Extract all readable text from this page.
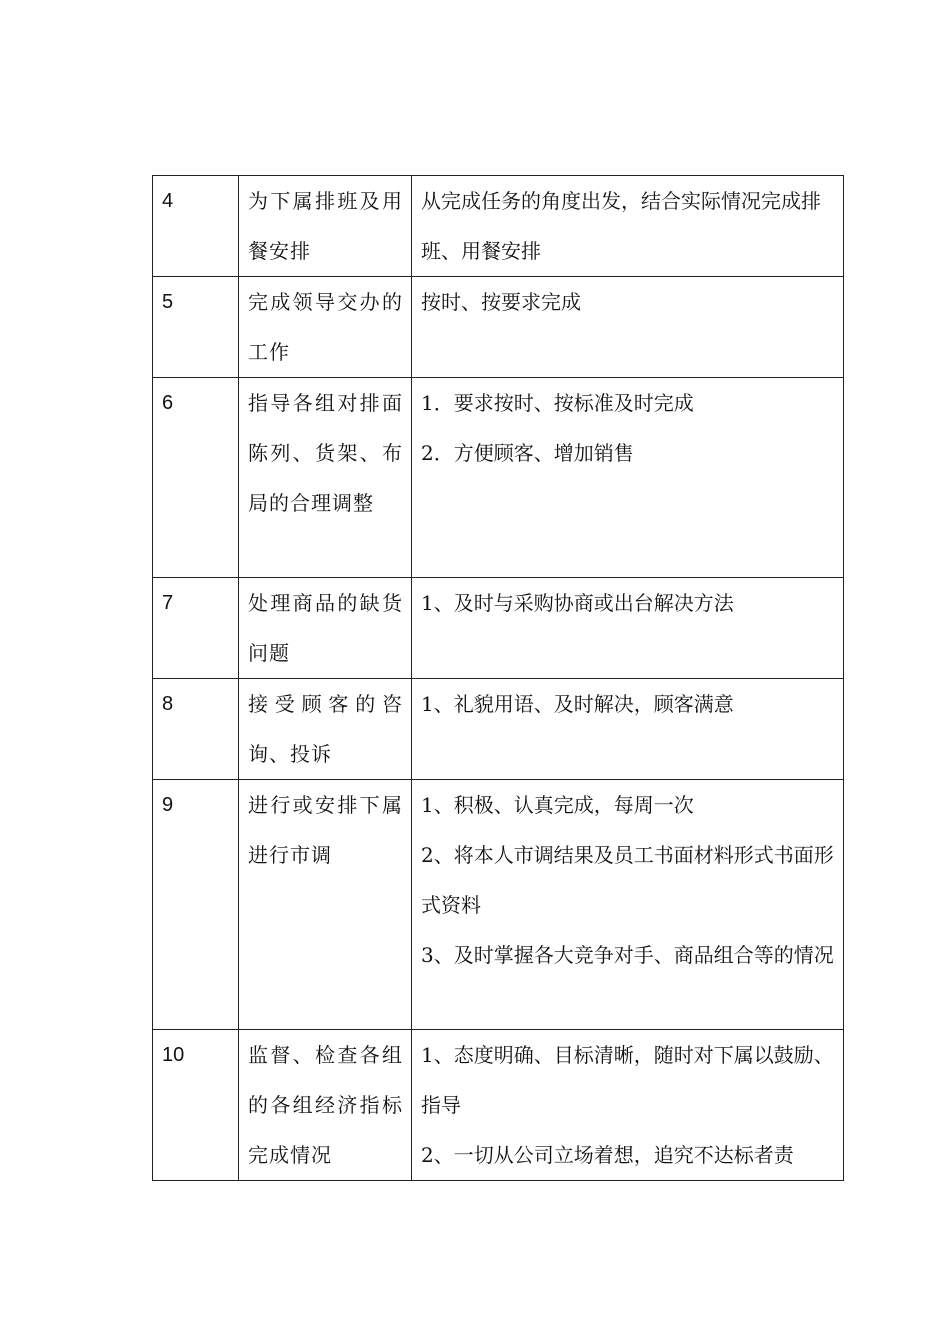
4	为下属排班及用餐安排	从完成任务的角度出发，结合实际情况完成排班、用餐安排

5	完成领导交办的工作	按时、按要求完成

6	指导各组对排面陈列、货架、布局的合理调整	1．要求按时、按标准及时完成
2．方便顾客、增加销售

7	处理商品的缺货问题	1、及时与采购协商或出台解决方法

8	接受顾客的咨询、投诉	1、礼貌用语、及时解决，顾客满意

9	进行或安排下属进行市调	1、积极、认真完成，每周一次
2、将本人市调结果及员工书面材料形式书面形式资料
3、及时掌握各大竞争对手、商品组合等的情况

10	监督、检查各组的各组经济指标完成情况	1、态度明确、目标清晰，随时对下属以鼓励、指导
2、一切从公司立场着想，追究不达标者责
